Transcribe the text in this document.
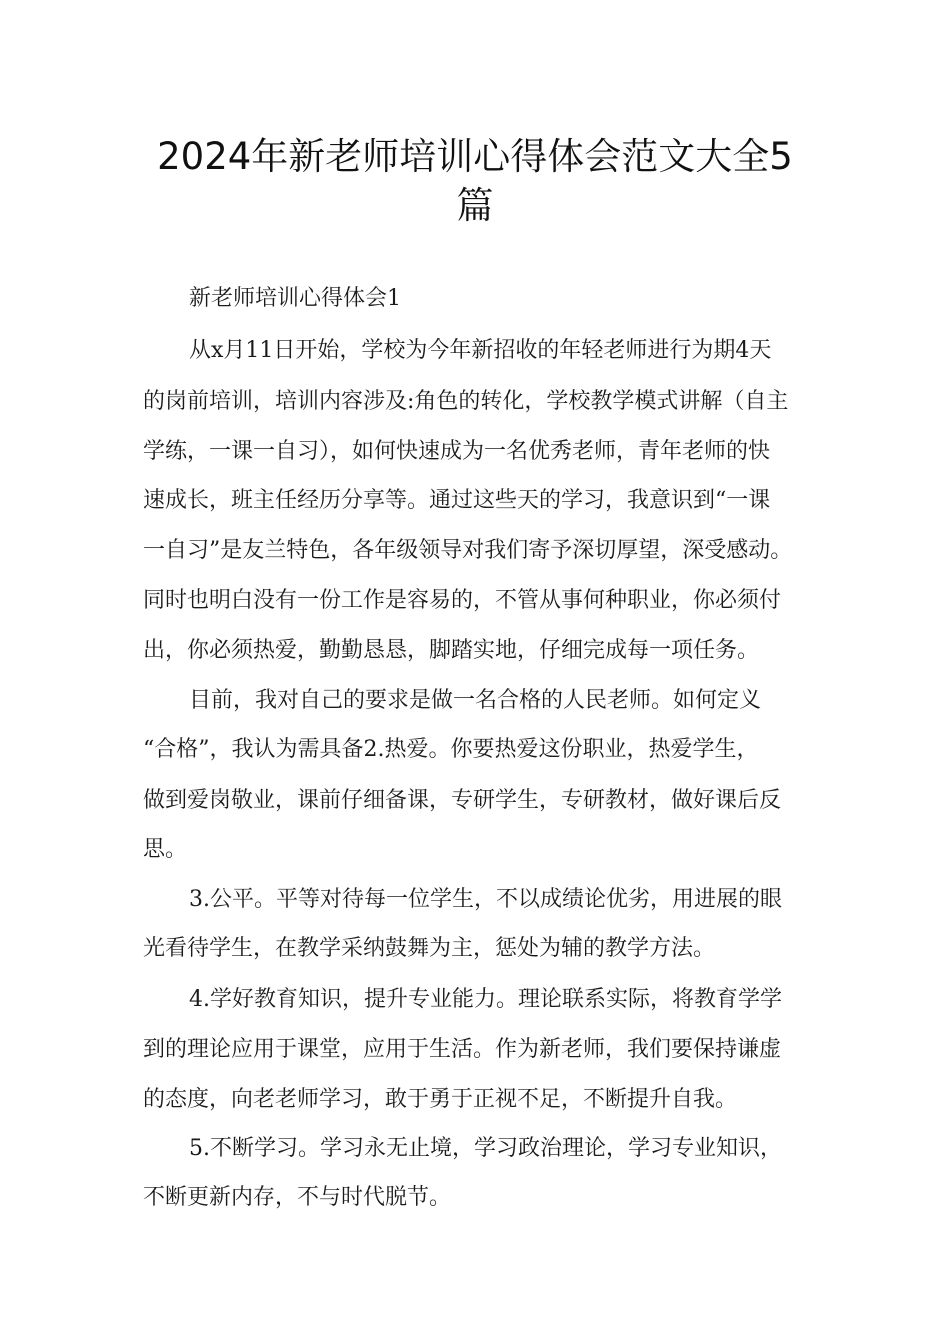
2024年新老师培训心得体会范文大全5
篇

新老师培训心得体会1

从x月11日开始，学校为今年新招收的年轻老师进行为期4天

的岗前培训，培训内容涉及:角色的转化，学校教学模式讲解（自主

学练，一课一自习），如何快速成为一名优秀老师，青年老师的快

速成长，班主任经历分享等。通过这些天的学习，我意识到“一课

一自习”是友兰特色，各年级领导对我们寄予深切厚望，深受感动。

同时也明白没有一份工作是容易的，不管从事何种职业，你必须付

出，你必须热爱，勤勤恳恳，脚踏实地，仔细完成每一项任务。

目前，我对自己的要求是做一名合格的人民老师。如何定义

“合格”，我认为需具备2.热爱。你要热爱这份职业，热爱学生，

做到爱岗敬业，课前仔细备课，专研学生，专研教材，做好课后反

思。

3.公平。平等对待每一位学生，不以成绩论优劣，用进展的眼

光看待学生，在教学采纳鼓舞为主，惩处为辅的教学方法。

4.学好教育知识，提升专业能力。理论联系实际，将教育学学

到的理论应用于课堂，应用于生活。作为新老师，我们要保持谦虚

的态度，向老老师学习，敢于勇于正视不足，不断提升自我。

5.不断学习。学习永无止境，学习政治理论，学习专业知识，

不断更新内存，不与时代脱节。
